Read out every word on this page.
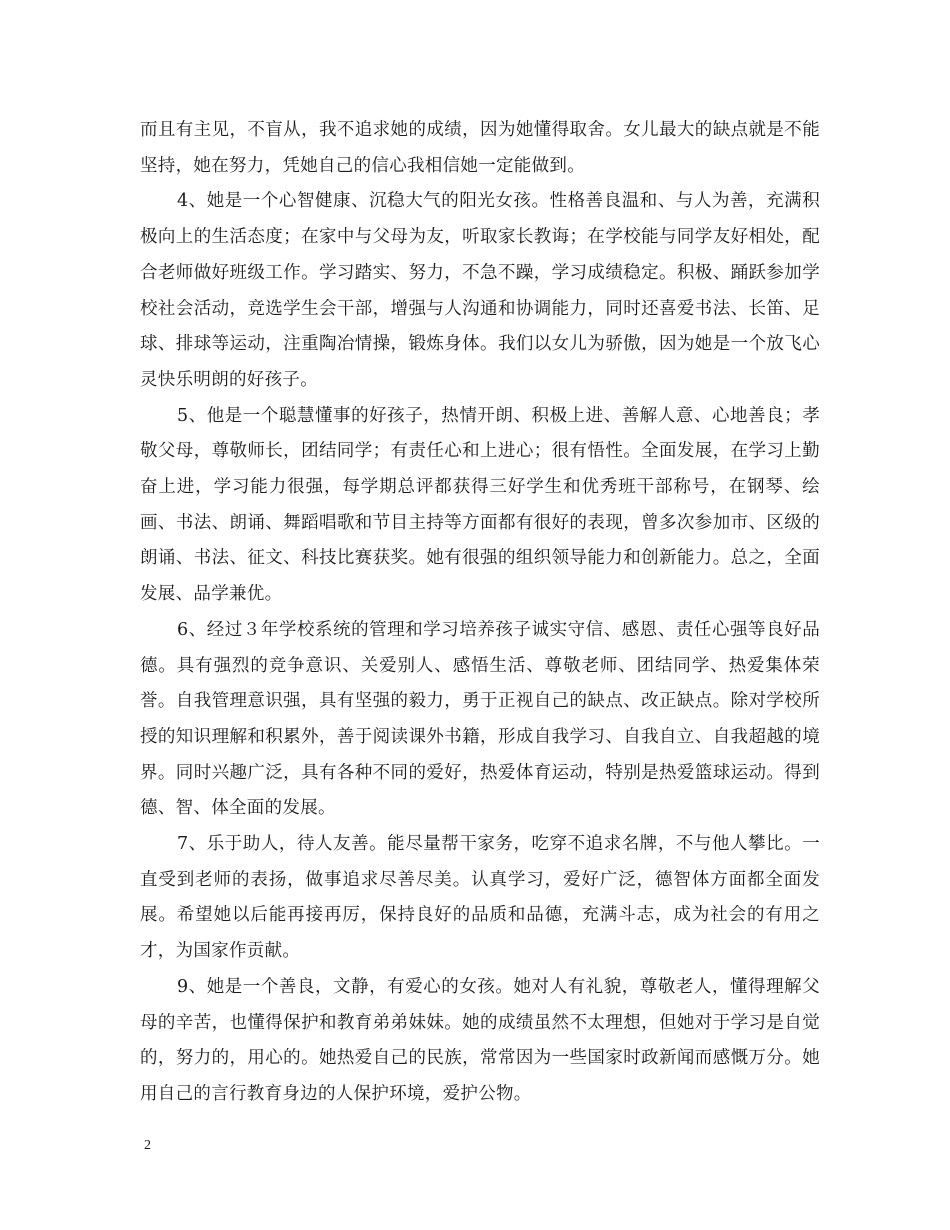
而且有主见，不盲从，我不追求她的成绩，因为她懂得取舍。女儿最大的缺点就是不能坚持，她在努力，凭她自己的信心我相信她一定能做到。

4、她是一个心智健康、沉稳大气的阳光女孩。性格善良温和、与人为善，充满积极向上的生活态度；在家中与父母为友，听取家长教诲；在学校能与同学友好相处，配合老师做好班级工作。学习踏实、努力，不急不躁，学习成绩稳定。积极、踊跃参加学校社会活动，竞选学生会干部，增强与人沟通和协调能力，同时还喜爱书法、长笛、足球、排球等运动，注重陶冶情操，锻炼身体。我们以女儿为骄傲，因为她是一个放飞心灵快乐明朗的好孩子。

5、他是一个聪慧懂事的好孩子，热情开朗、积极上进、善解人意、心地善良；孝敬父母，尊敬师长，团结同学；有责任心和上进心；很有悟性。全面发展，在学习上勤奋上进，学习能力很强，每学期总评都获得三好学生和优秀班干部称号，在钢琴、绘画、书法、朗诵、舞蹈唱歌和节目主持等方面都有很好的表现，曾多次参加市、区级的朗诵、书法、征文、科技比赛获奖。她有很强的组织领导能力和创新能力。总之，全面发展、品学兼优。

6、经过３年学校系统的管理和学习培养孩子诚实守信、感恩、责任心强等良好品德。具有强烈的竞争意识、关爱别人、感悟生活、尊敬老师、团结同学、热爱集体荣誉。自我管理意识强，具有坚强的毅力，勇于正视自己的缺点、改正缺点。除对学校所授的知识理解和积累外，善于阅读课外书籍，形成自我学习、自我自立、自我超越的境界。同时兴趣广泛，具有各种不同的爱好，热爱体育运动，特别是热爱篮球运动。得到德、智、体全面的发展。

7、乐于助人，待人友善。能尽量帮干家务，吃穿不追求名牌，不与他人攀比。一直受到老师的表扬，做事追求尽善尽美。认真学习，爱好广泛，德智体方面都全面发展。希望她以后能再接再厉，保持良好的品质和品德，充满斗志，成为社会的有用之才，为国家作贡献。

9、她是一个善良，文静，有爱心的女孩。她对人有礼貌，尊敬老人，懂得理解父母的辛苦，也懂得保护和教育弟弟妹妹。她的成绩虽然不太理想，但她对于学习是自觉的，努力的，用心的。她热爱自己的民族，常常因为一些国家时政新闻而感慨万分。她用自己的言行教育身边的人保护环境，爱护公物。

2
